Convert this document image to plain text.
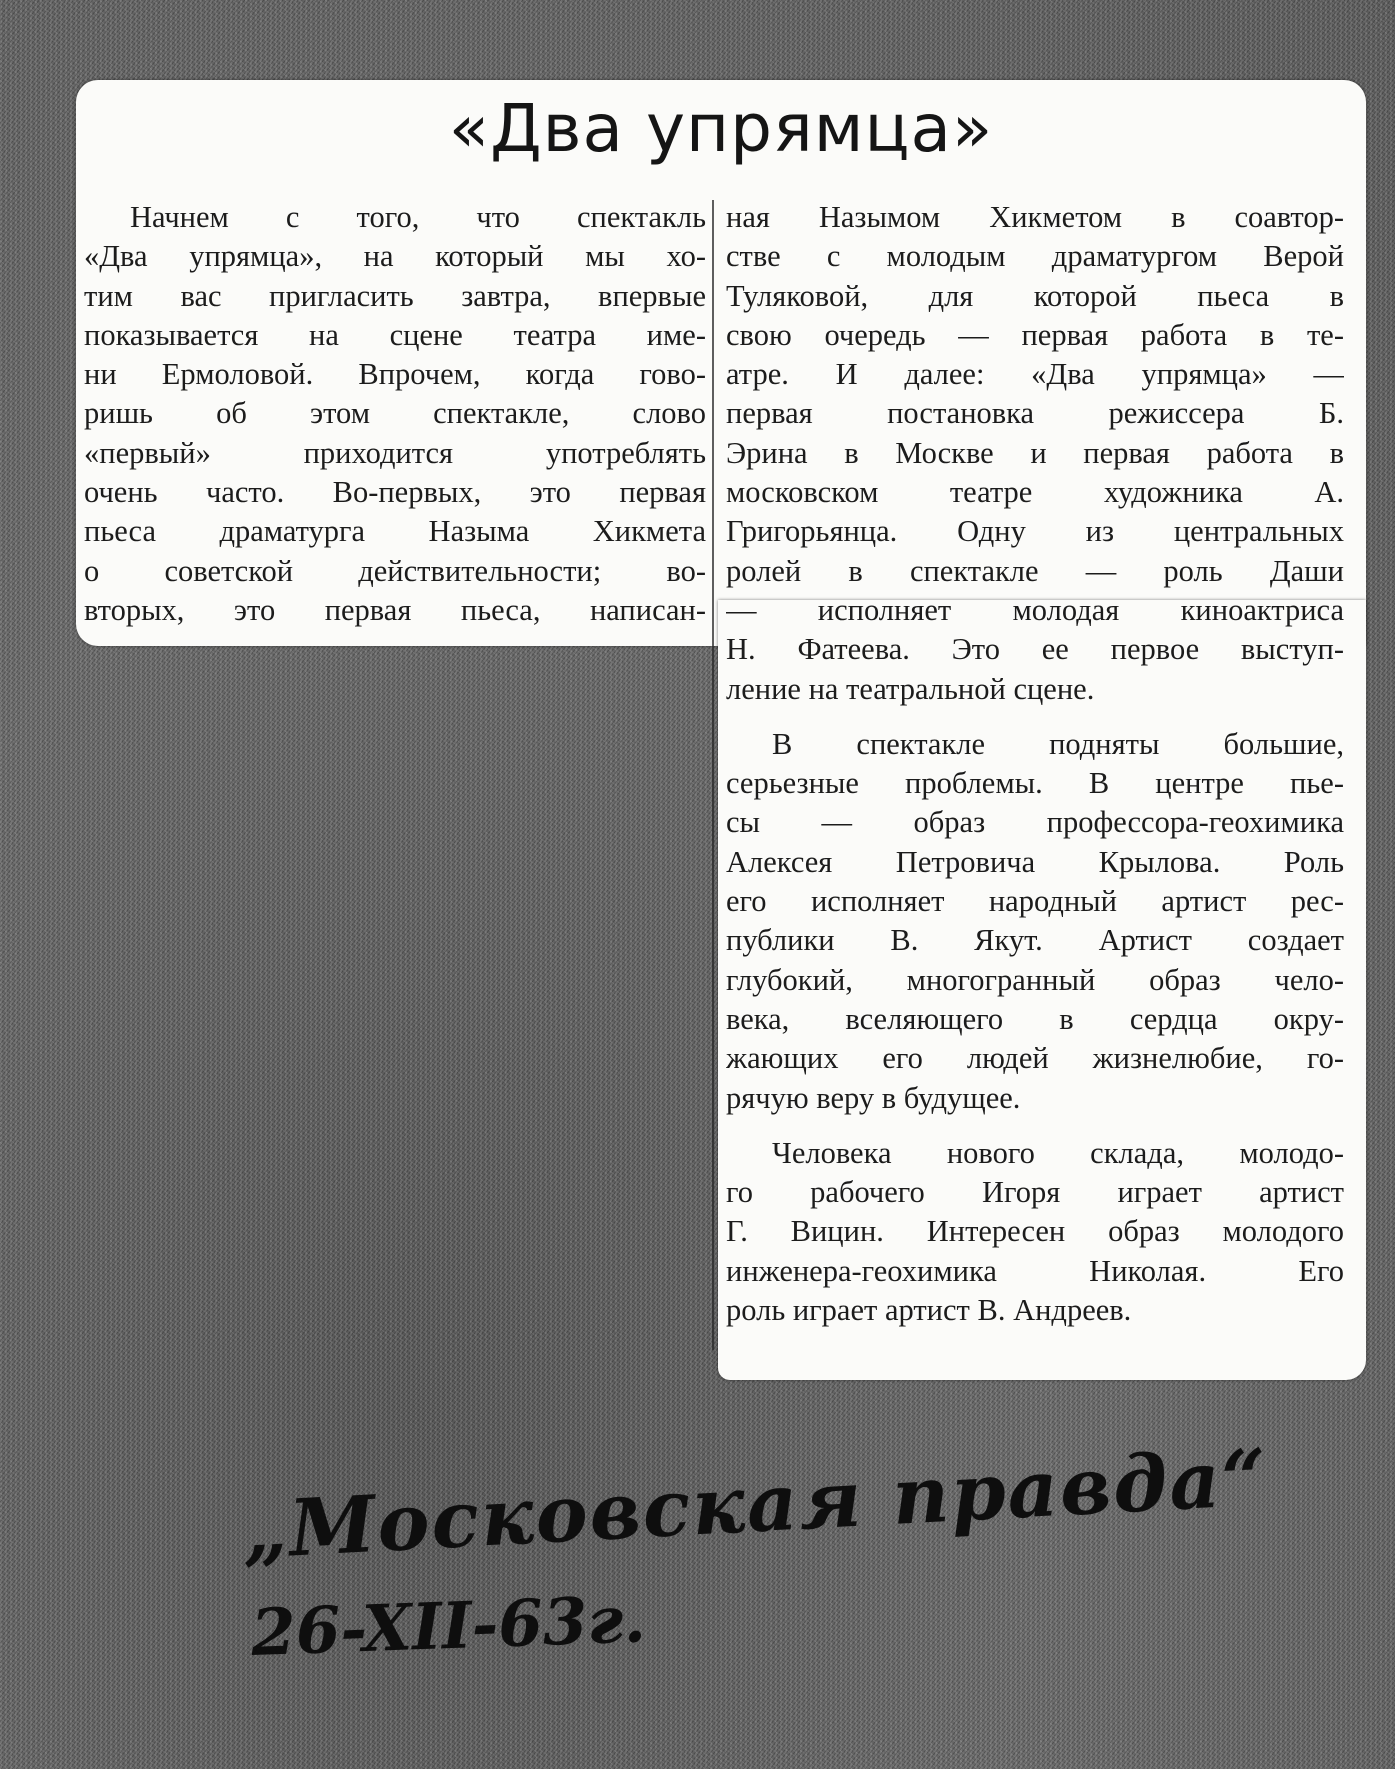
«Два упрямца»
Начнем с того, что спектакль
«Два упрямца», на который мы хо-
тим вас пригласить завтра, впервые
показывается на сцене театра име-
ни Ермоловой. Впрочем, когда гово-
ришь об этом спектакле, слово
«первый» приходится употреблять
очень часто. Во-первых, это первая
пьеса драматурга Назыма Хикмета
о советской действительности; во-
вторых, это первая пьеса, написан-
ная Назымом Хикметом в соавтор-
стве с молодым драматургом Верой
Туляковой, для которой пьеса в
свою очередь — первая работа в те-
атре. И далее: «Два упрямца» —
первая постановка режиссера Б.
Эрина в Москве и первая работа в
московском театре художника А.
Григорьянца. Одну из центральных
ролей в спектакле — роль Даши
— исполняет молодая киноактриса
Н. Фатеева. Это ее первое выступ-
ление на театральной сцене.
В спектакле подняты большие,
серьезные проблемы. В центре пье-
сы — образ профессора-геохимика
Алексея Петровича Крылова. Роль
его исполняет народный артист рес-
публики В. Якут. Артист создает
глубокий, многогранный образ чело-
века, вселяющего в сердца окру-
жающих его людей жизнелюбие, го-
рячую веру в будущее.
Человека нового склада, молодо-
го рабочего Игоря играет артист
Г. Вицин. Интересен образ молодого
инженера-геохимика Николая. Его
роль играет артист В. Андреев.
„Московская правда“
26-XII-63г.
